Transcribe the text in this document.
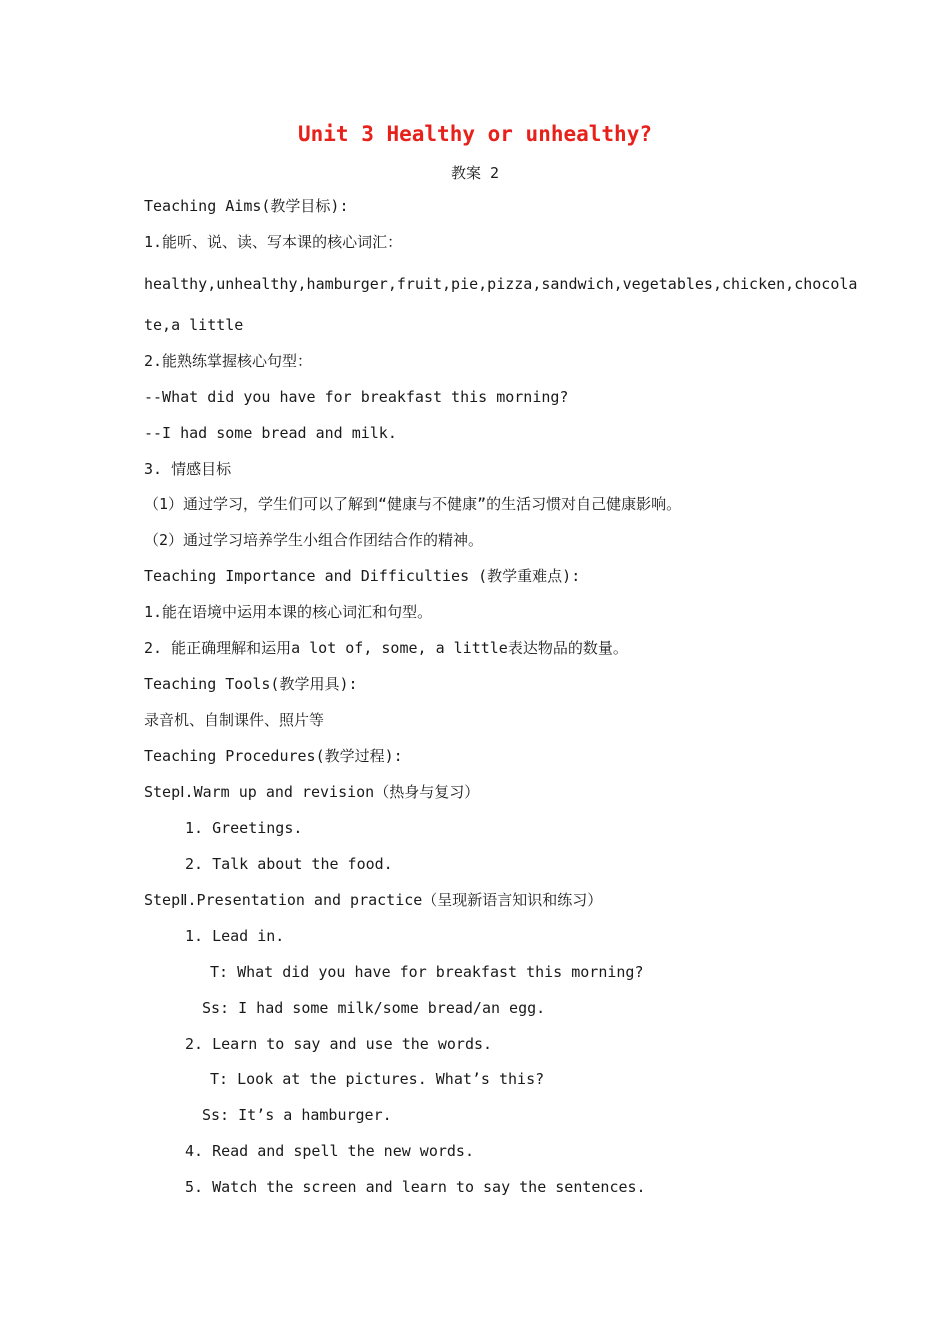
Unit 3 Healthy or unhealthy?
教案 2
Teaching Aims(教学目标):
1.能听、说、读、写本课的核心词汇：
healthy,unhealthy,hamburger,fruit,pie,pizza,sandwich,vegetables,chicken,chocola
te,a little
2.能熟练掌握核心句型：
--What did you have for breakfast this morning?
--I had some bread and milk.
3. 情感目标
（1）通过学习，学生们可以了解到“健康与不健康”的生活习惯对自己健康影响。
（2）通过学习培养学生小组合作团结合作的精神。
Teaching Importance and Difficulties (教学重难点):
1.能在语境中运用本课的核心词汇和句型。
2. 能正确理解和运用a lot of, some, a little表达物品的数量。
Teaching Tools(教学用具):
录音机、自制课件、照片等
Teaching Procedures(教学过程):
StepⅠ.Warm up and revision（热身与复习）
1. Greetings.
2. Talk about the food.
StepⅡ.Presentation and practice（呈现新语言知识和练习）
1. Lead in.
T: What did you have for breakfast this morning?
Ss: I had some milk/some bread/an egg.
2. Learn to say and use the words.
T: Look at the pictures. What’s this?
Ss: It’s a hamburger.
4. Read and spell the new words.
5. Watch the screen and learn to say the sentences.
